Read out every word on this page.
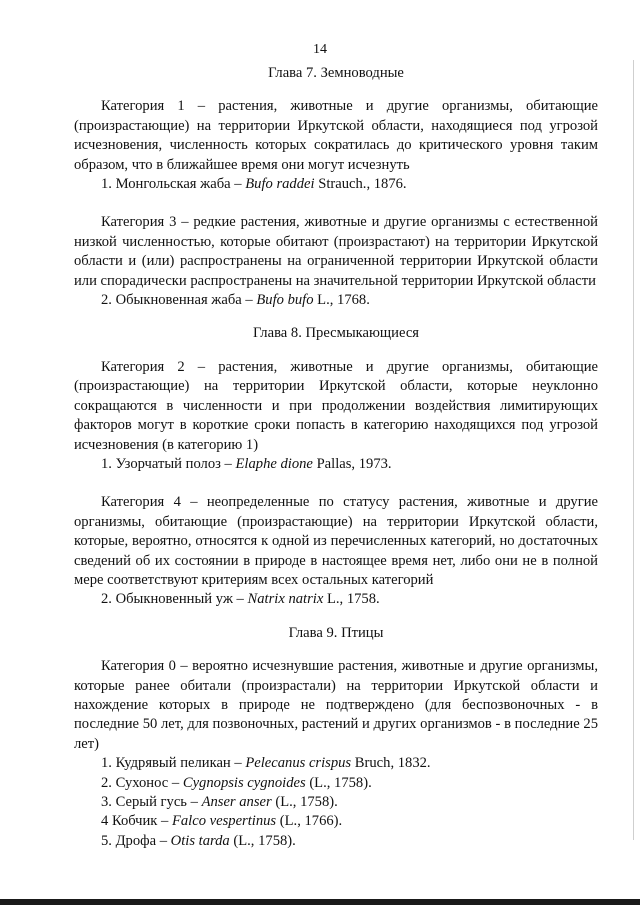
14
Глава 7. Земноводные

Категория 1 – растения, животные и другие организмы, обитающие (произрастающие) на территории Иркутской области, находящиеся под угрозой исчезновения, численность которых сократилась до критического уровня таким образом, что в ближайшее время они могут исчезнуть

1. Монгольская жаба – Bufo raddei Strauch., 1876.

Категория 3 – редкие растения, животные и другие организмы с естественной низкой численностью, которые обитают (произрастают) на территории Иркутской области и (или) распространены на ограниченной территории Иркутской области или спорадически распространены на значительной территории Иркутской области

2. Обыкновенная жаба – Bufo bufo L., 1768.

Глава 8. Пресмыкающиеся

Категория 2 – растения, животные и другие организмы, обитающие (произрастающие) на территории Иркутской области, которые неуклонно сокращаются в численности и при продолжении воздействия лимитирующих факторов могут в короткие сроки попасть в категорию находящихся под угрозой исчезновения (в категорию 1)

1. Узорчатый полоз – Elaphe dione Pallas, 1973.

Категория 4 – неопределенные по статусу растения, животные и другие организмы, обитающие (произрастающие) на территории Иркутской области, которые, вероятно, относятся к одной из перечисленных категорий, но достаточных сведений об их состоянии в природе в настоящее время нет, либо они не в полной мере соответствуют критериям всех остальных категорий

2. Обыкновенный уж – Natrix natrix L., 1758.

Глава 9. Птицы

Категория 0 – вероятно исчезнувшие растения, животные и другие организмы, которые ранее обитали (произрастали) на территории Иркутской области и нахождение которых в природе не подтверждено (для беспозвоночных - в последние 50 лет, для позвоночных, растений и других организмов - в последние 25 лет)

1. Кудрявый пеликан – Pelecanus crispus Bruch, 1832.

2. Сухонос – Cygnopsis cygnoides (L., 1758).

3. Серый гусь – Anser anser (L., 1758).

4 Кобчик – Falco vespertinus (L., 1766).

5. Дрофа – Otis tarda (L., 1758).
